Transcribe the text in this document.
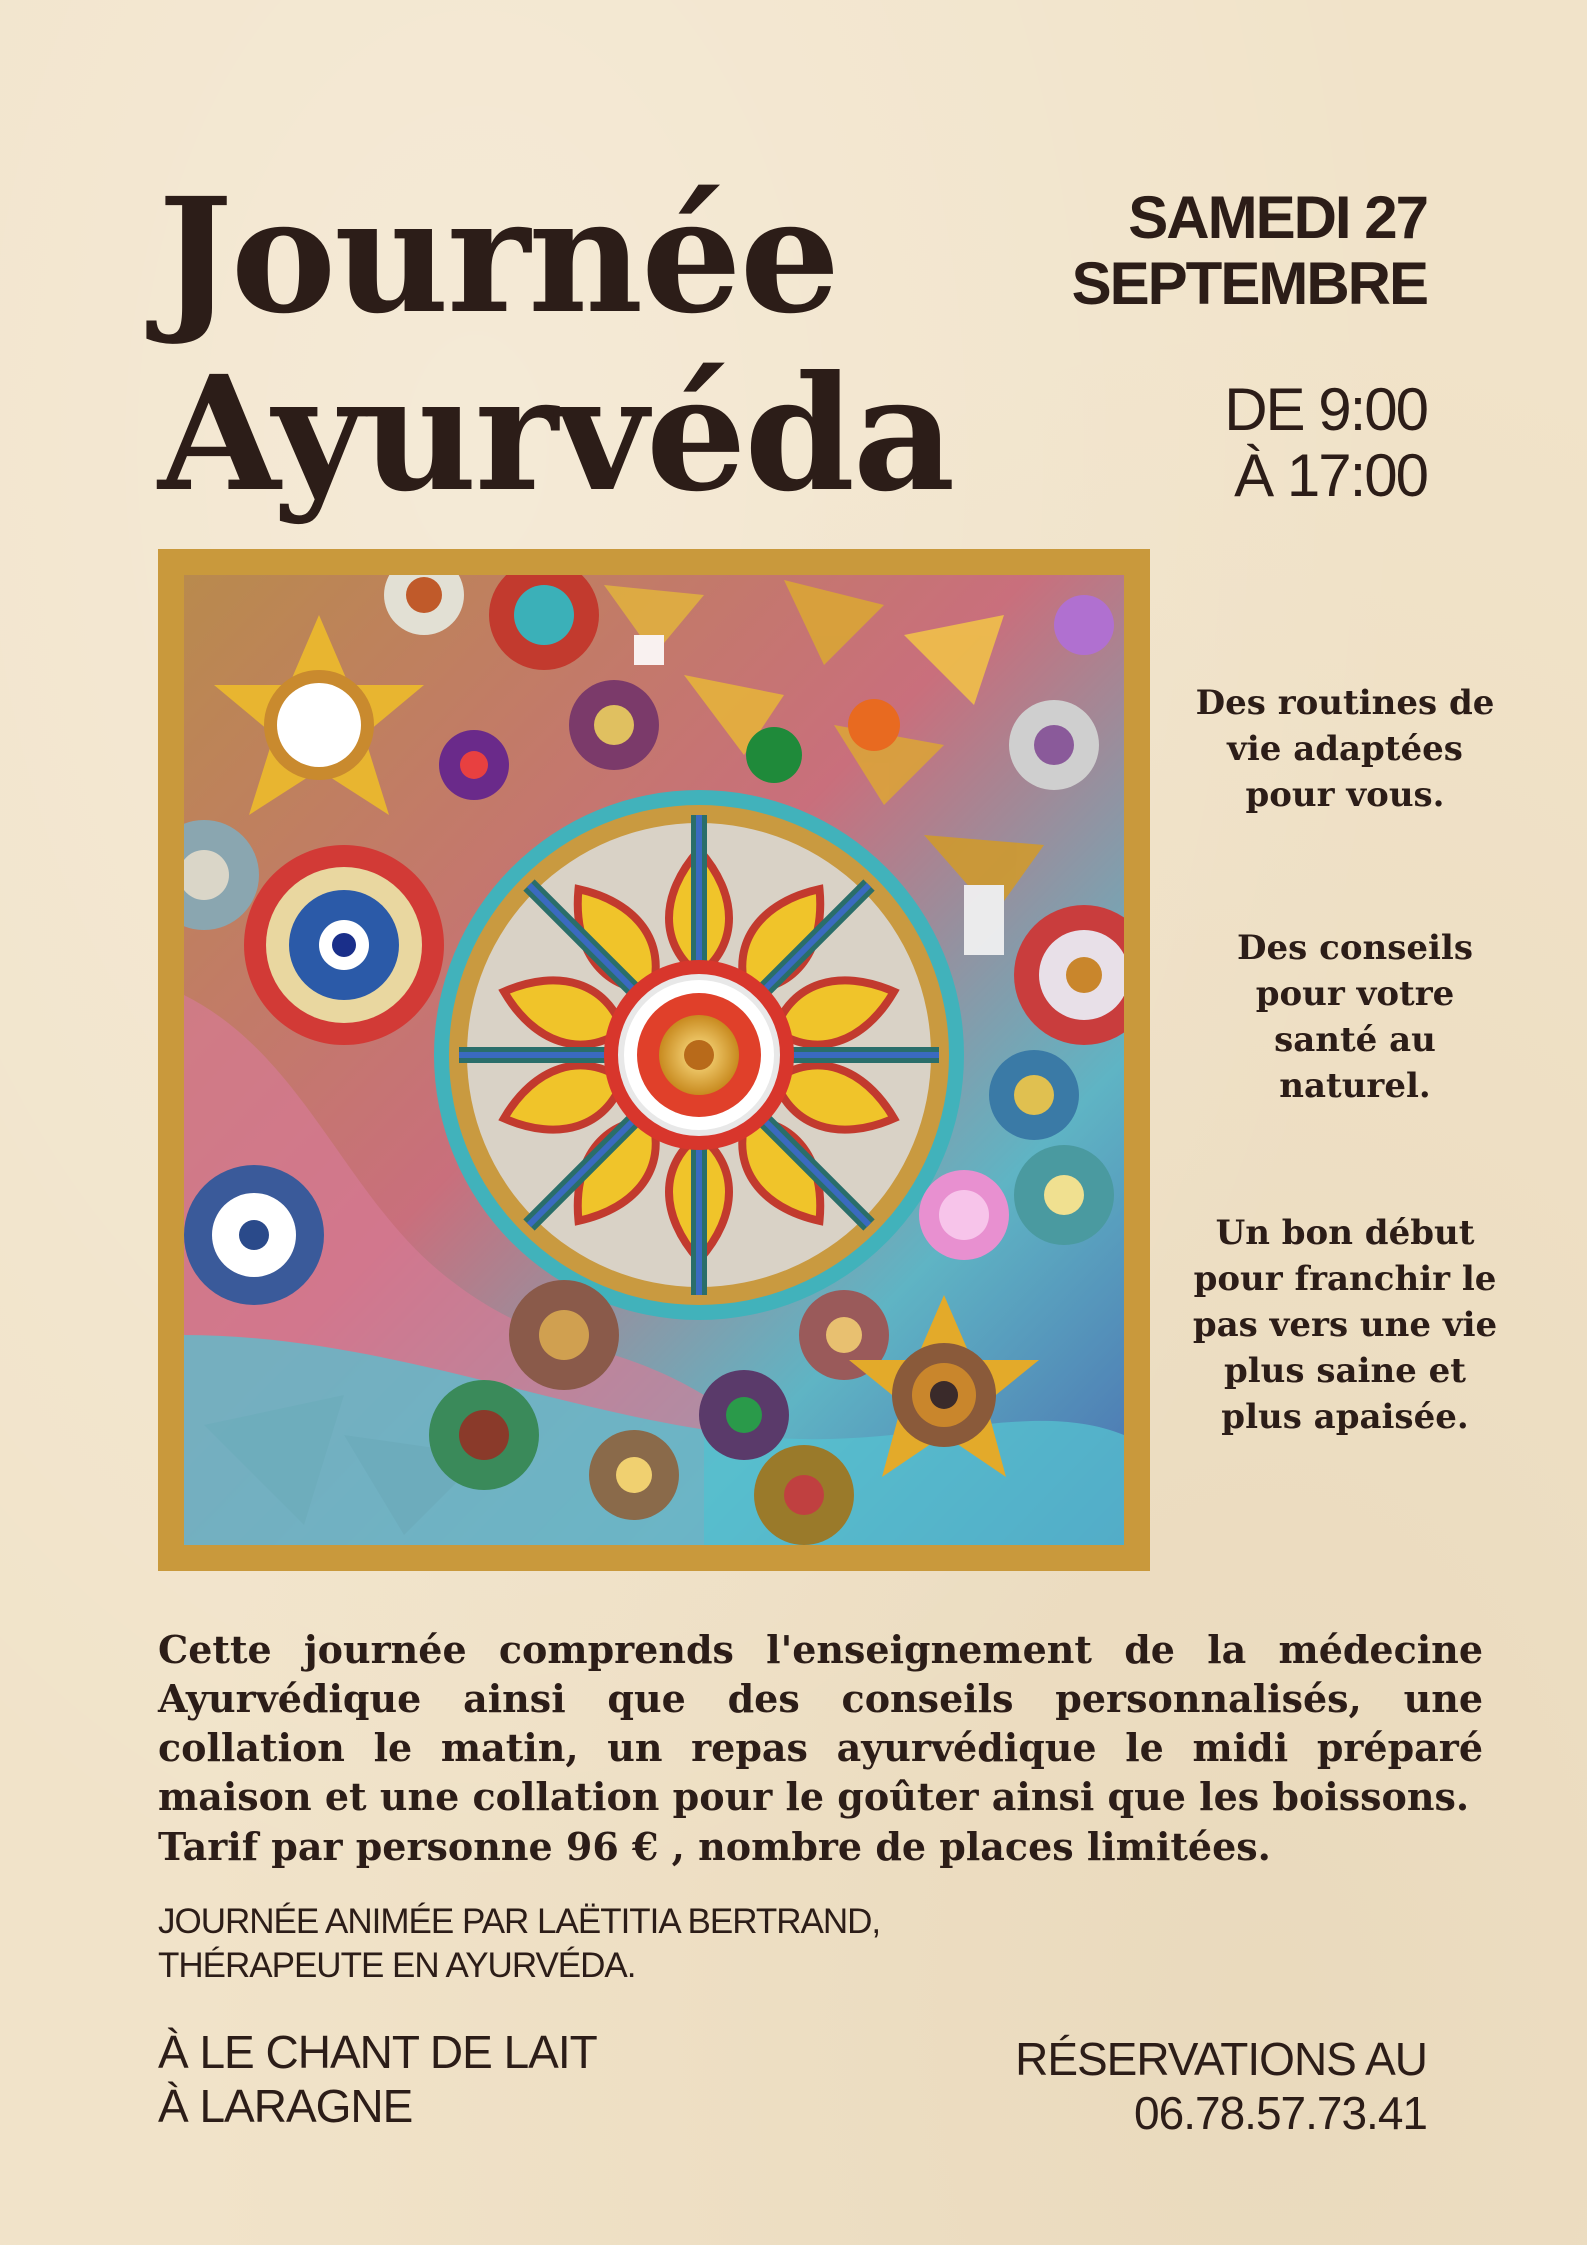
Journée
Ayurvéda
SAMEDI 27
SEPTEMBRE
DE 9:00
À 17:00
Des routines de vie adaptées pour vous.
Des conseils pour votre santé au naturel.
Un bon début pour franchir le pas vers une vie plus saine et plus apaisée.
Cette journée comprends l'enseignement de la médecine Ayurvédique ainsi que des conseils personnalisés, une collation le matin, un repas ayurvédique le midi préparé maison et une collation pour le goûter ainsi que les boissons.
Tarif par personne 96 € , nombre de places limitées.
JOURNÉE ANIMÉE PAR LAËTITIA BERTRAND,
THÉRAPEUTE EN AYURVÉDA.
À LE CHANT DE LAIT
À LARAGNE
RÉSERVATIONS AU
06.78.57.73.41
